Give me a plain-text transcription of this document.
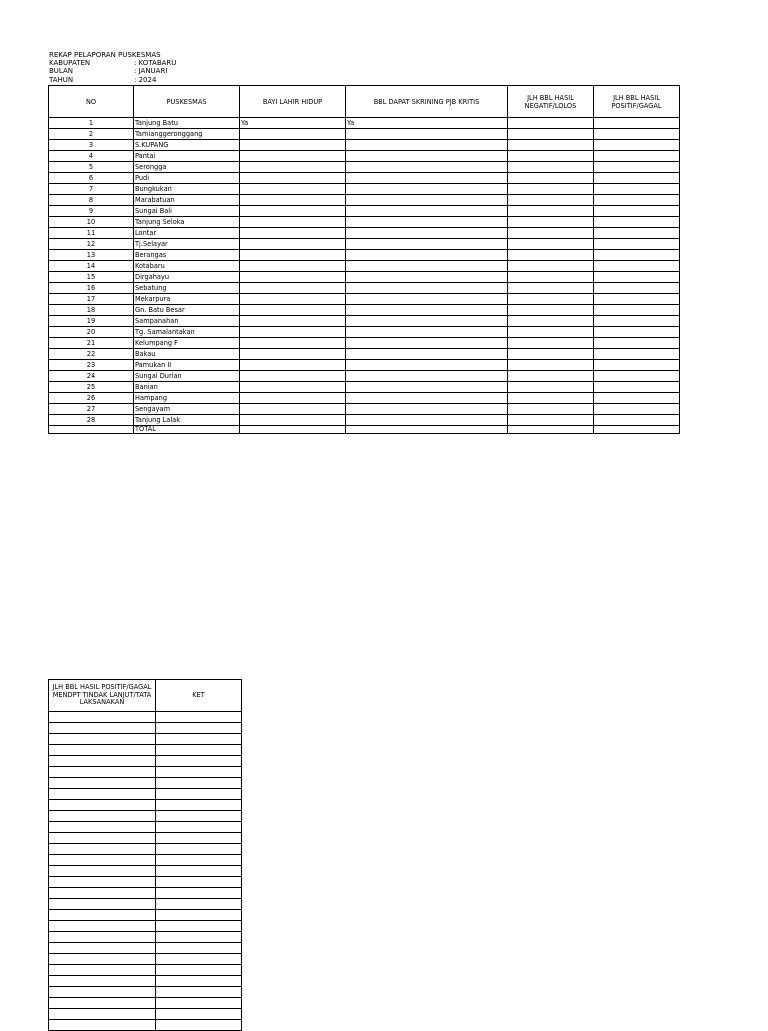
REKAP PELAPORAN PUSKESMAS
KABUPATEN	: KOTABARU
BULAN	: JANUARI
TAHUN	: 2024
NO	PUSKESMAS	BAYI LAHIR HIDUP	BBL DAPAT SKRINING PJB KRITIS	JLH BBL HASIL NEGATIF/LOLOS	JLH BBL HASIL POSITIF/GAGAL
1	Tanjung Batu	Ya	Ya		
2	Tamianggeronggang				
3	S.KUPANG				
4	Pantai				
5	Serongga				
6	Pudi				
7	Bungkukan				
8	Marabatuan				
9	Sungai Bali				
10	Tanjung Seloka				
11	Lontar				
12	Tj.Selayar				
13	Berangas				
14	Kotabaru				
15	Dirgahayu				
16	Sebatung				
17	Mekarpura				
18	Gn. Batu Besar				
19	Sampanahan				
20	Tg. Samalantakan				
21	Kelumpang F				
22	Bakau				
23	Pamukan II				
24	Sungai Durian				
25	Banian				
26	Hampang				
27	Sengayam				
28	Tanjung Lalak				
	TOTAL				
JLH BBL HASIL POSITIF/GAGAL MENDPT TINDAK LANJUT/TATA LAKSANAKAN	KET
